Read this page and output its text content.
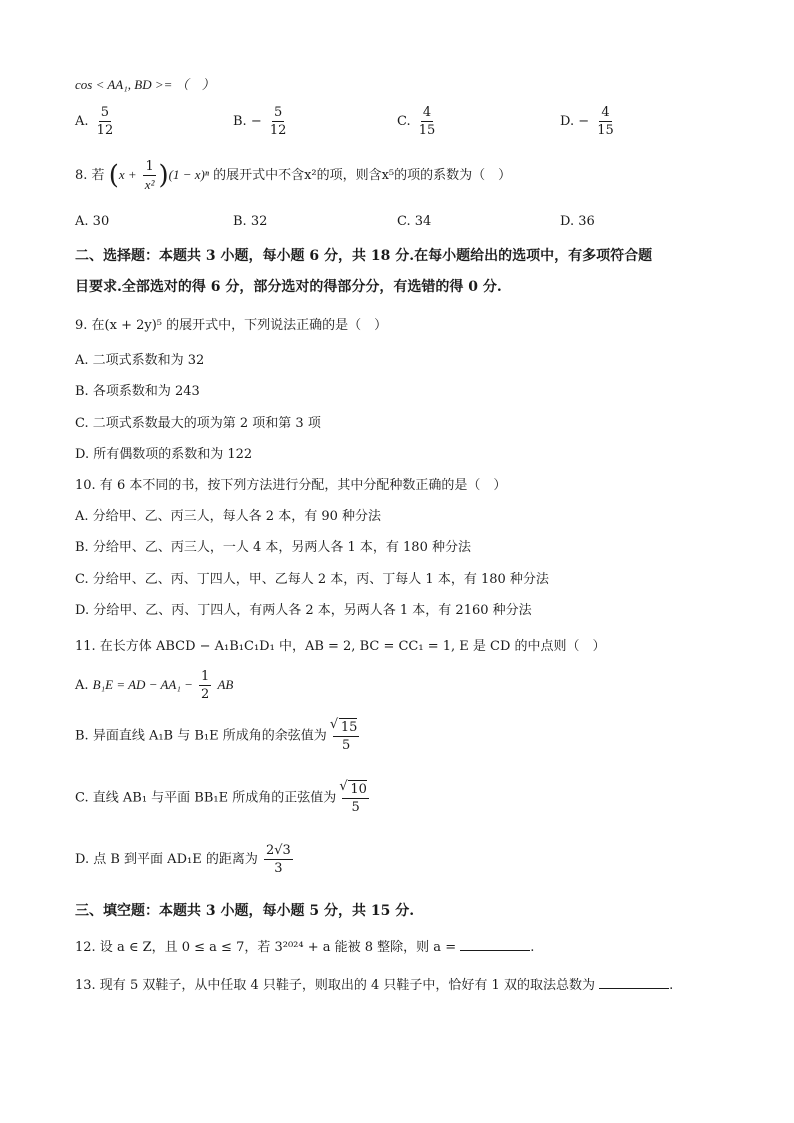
cos < AA₁, BD >= （　）
A. $\frac{5}{12}$	B. − $\frac{5}{12}$	C. $\frac{4}{15}$	D. − $\frac{4}{15}$
8. 若 $(x + \frac{1}{\text{x²}} )(1 - x)^n$ 的展开式中不含x²的项，则含x⁵的项的系数为（　）
A. 30	B. 32	C. 34	D. 36
二、选择题：本题共 3 小题，每小题 6 分，共 18 分.在每小题给出的选项中，有多项符合题
目要求.全部选对的得 6 分，部分选对的得部分分，有选错的得 0 分.
9. 在(x + 2y)⁵ 的展开式中，下列说法正确的是（　）
A. 二项式系数和为 32
B. 各项系数和为 243
C. 二项式系数最大的项为第 2 项和第 3 项
D. 所有偶数项的系数和为 122
10. 有 6 本不同的书，按下列方法进行分配，其中分配种数正确的是（　）
A. 分给甲、乙、丙三人，每人各 2 本，有 90 种分法
B. 分给甲、乙、丙三人，一人 4 本，另两人各 1 本，有 180 种分法
C. 分给甲、乙、丙、丁四人，甲、乙每人 2 本，丙、丁每人 1 本，有 180 种分法
D. 分给甲、乙、丙、丁四人，有两人各 2 本，另两人各 1 本，有 2160 种分法
11. 在长方体 ABCD − A₁B₁C₁D₁ 中，AB = 2, BC = CC₁ = 1, E 是 CD 的中点则（　）
A. B₁E = AD − $AA_1 - \frac{1}{2}$ AB
B. 异面直线 A₁B 与 B₁E 所成角的余弦值为 √ $\frac{15}{5}$
C. 直线 AB₁ 与平面 BB₁E 所成角的正弦值为 √ $\frac{10}{5}$
D. 点 B 到平面 AD₁E 的距离为 $\frac{2√3}{3}$
三、填空题：本题共 3 小题，每小题 5 分，共 15 分.
12. 设 a ∈ Z，且 0 ≤ a ≤ 7，若 3²⁰²⁴ + a 能被 8 整除，则 a =	.
13. 现有 5 双鞋子，从中任取 4 只鞋子，则取出的 4 只鞋子中，恰好有 1 双的取法总数为	.
